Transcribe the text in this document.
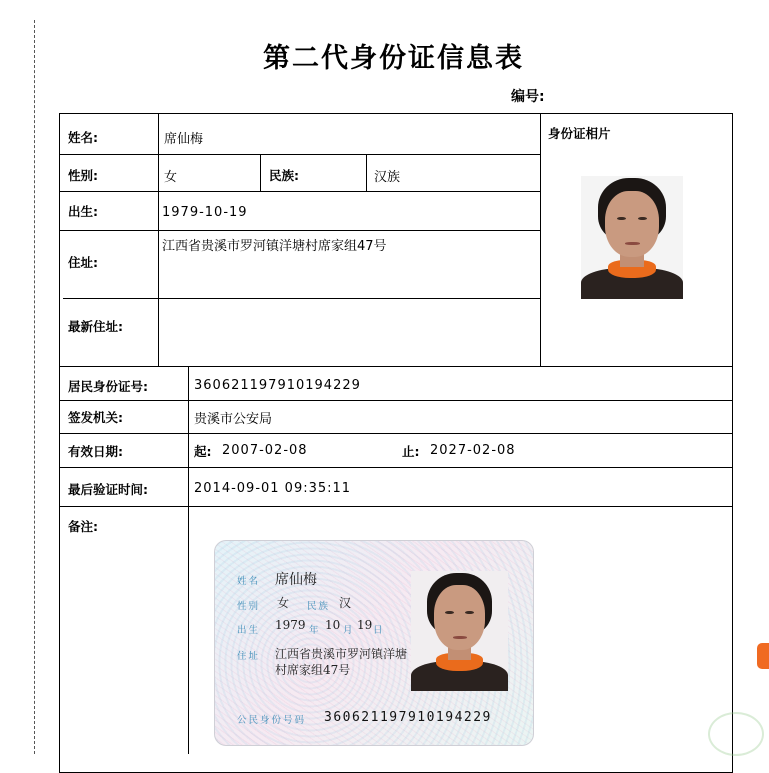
第二代身份证信息表
编号:
姓名:	席仙梅
性别:	女	民族:	汉族
出生:	1979-10-19
住址:
江西省贵溪市罗河镇洋塘村席家组47号
最新住址:
身份证相片
居民身份证号:	360621197910194229
签发机关:	贵溪市公安局
有效日期:	起: 2007-02-08	止: 2027-02-08
最后验证时间:	2014-09-01 09:35:11
备注:
姓名 席仙梅
性别 女 民族 汉
出生 1979 年 10 月 19 日
住址 江西省贵溪市罗河镇洋塘
村席家组47号
公民身份号码 360621197910194229
